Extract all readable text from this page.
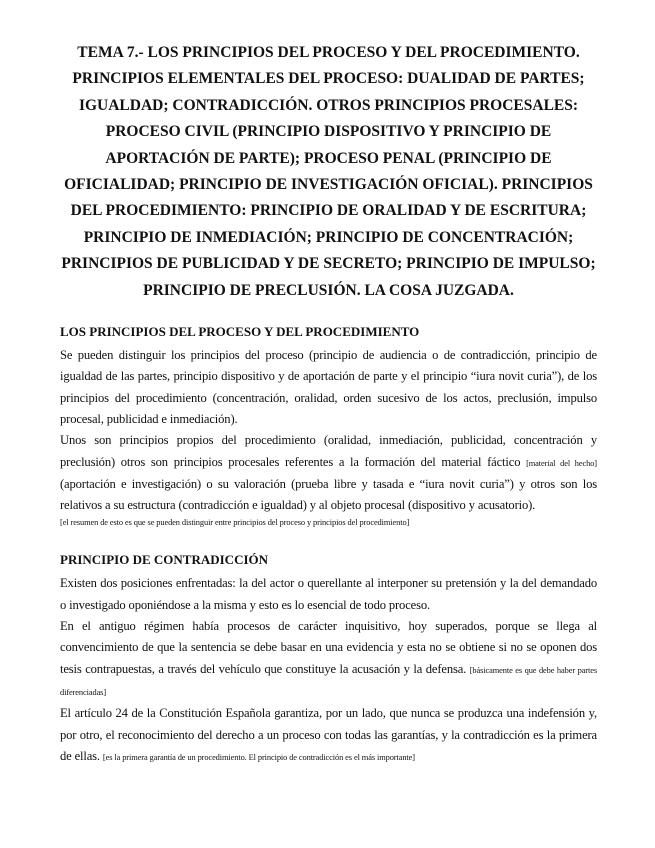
TEMA 7.- LOS PRINCIPIOS DEL PROCESO Y DEL PROCEDIMIENTO. PRINCIPIOS ELEMENTALES DEL PROCESO: DUALIDAD DE PARTES; IGUALDAD; CONTRADICCIÓN. OTROS PRINCIPIOS PROCESALES: PROCESO CIVIL (PRINCIPIO DISPOSITIVO Y PRINCIPIO DE APORTACIÓN DE PARTE); PROCESO PENAL (PRINCIPIO DE OFICIALIDAD; PRINCIPIO DE INVESTIGACIÓN OFICIAL). PRINCIPIOS DEL PROCEDIMIENTO: PRINCIPIO DE ORALIDAD Y DE ESCRITURA; PRINCIPIO DE INMEDIACIÓN; PRINCIPIO DE CONCENTRACIÓN; PRINCIPIOS DE PUBLICIDAD Y DE SECRETO; PRINCIPIO DE IMPULSO; PRINCIPIO DE PRECLUSIÓN. LA COSA JUZGADA.
LOS PRINCIPIOS DEL PROCESO Y DEL PROCEDIMIENTO

Se pueden distinguir los principios del proceso (principio de audiencia o de contradicción, principio de igualdad de las partes, principio dispositivo y de aportación de parte y el principio “iura novit curia”), de los principios del procedimiento (concentración, oralidad, orden sucesivo de los actos, preclusión, impulso procesal, publicidad e inmediación).

Unos son principios propios del procedimiento (oralidad, inmediación, publicidad, concentración y preclusión) otros son principios procesales referentes a la formación del material fáctico [material del hecho] (aportación e investigación) o su valoración (prueba libre y tasada e “iura novit curia”) y otros son los relativos a su estructura (contradicción e igualdad) y al objeto procesal (dispositivo y acusatorio).

[el resumen de esto es que se pueden distinguir entre principios del proceso y principios del procedimiento]

PRINCIPIO DE CONTRADICCIÓN

Existen dos posiciones enfrentadas: la del actor o querellante al interponer su pretensión y la del demandado o investigado oponiéndose a la misma y esto es lo esencial de todo proceso.

En el antiguo régimen había procesos de carácter inquisitivo, hoy superados, porque se llega al convencimiento de que la sentencia se debe basar en una evidencia y esta no se obtiene si no se oponen dos tesis contrapuestas, a través del vehículo que constituye la acusación y la defensa. [básicamente es que debe haber partes diferenciadas]

El artículo 24 de la Constitución Española garantiza, por un lado, que nunca se produzca una indefensión y, por otro, el reconocimiento del derecho a un proceso con todas las garantías, y la contradicción es la primera de ellas. [es la primera garantía de un procedimiento. El principio de contradicción es el más importante]
